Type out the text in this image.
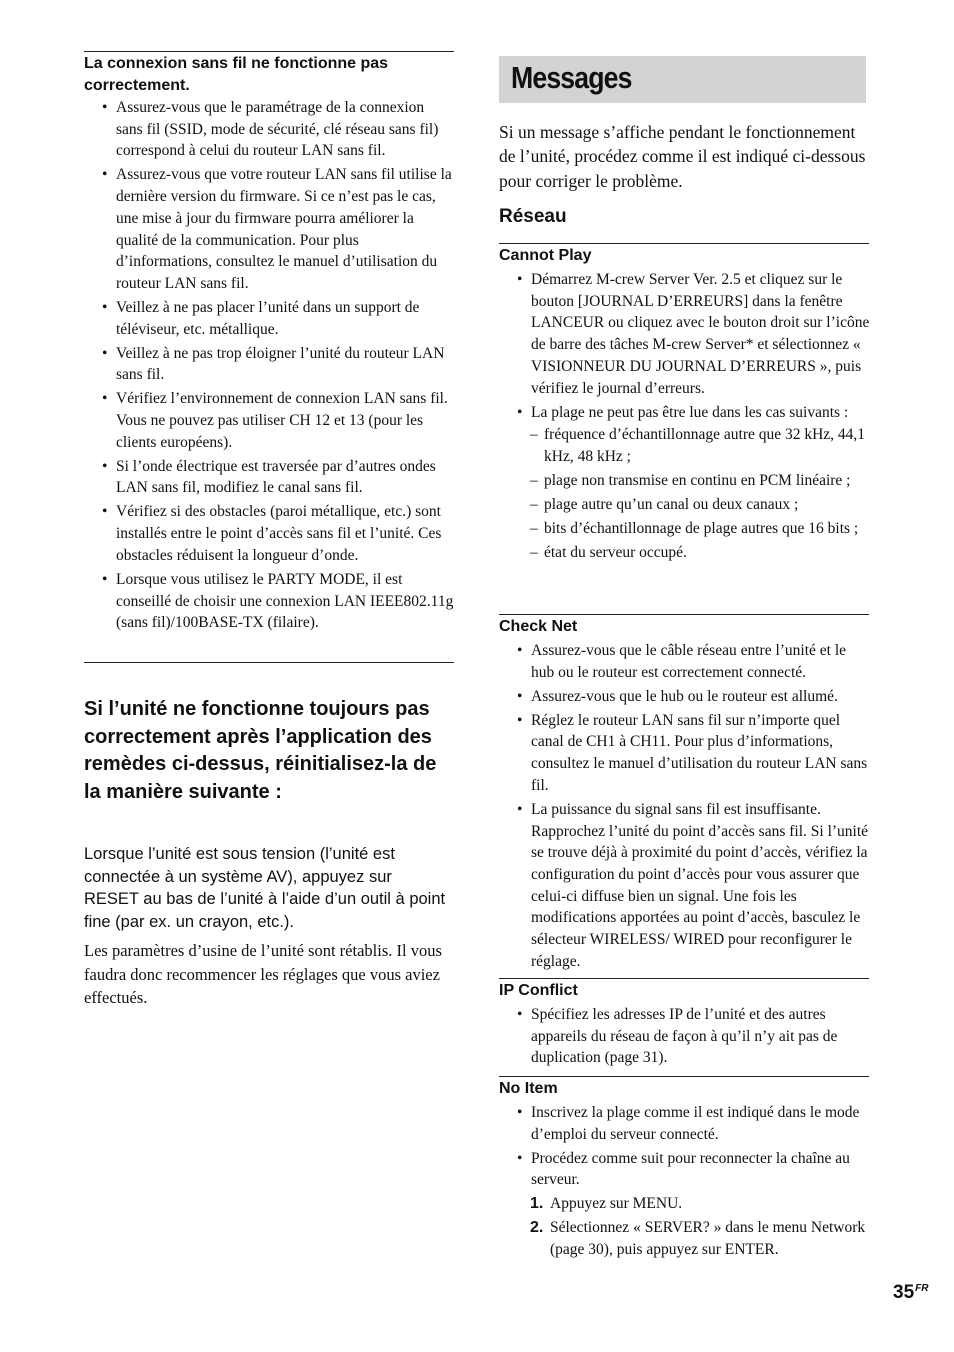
La connexion sans fil ne fonctionne pas correctement.
• Assurez-vous que le paramétrage de la connexion sans fil (SSID, mode de sécurité, clé réseau sans fil) correspond à celui du routeur LAN sans fil.
• Assurez-vous que votre routeur LAN sans fil utilise la dernière version du firmware. Si ce n’est pas le cas, une mise à jour du firmware pourra améliorer la qualité de la communication. Pour plus d’informations, consultez le manuel d’utilisation du routeur LAN sans fil.
• Veillez à ne pas placer l’unité dans un support de téléviseur, etc. métallique.
• Veillez à ne pas trop éloigner l’unité du routeur LAN sans fil.
• Vérifiez l’environnement de connexion LAN sans fil. Vous ne pouvez pas utiliser CH 12 et 13 (pour les clients européens).
• Si l’onde électrique est traversée par d’autres ondes LAN sans fil, modifiez le canal sans fil.
• Vérifiez si des obstacles (paroi métallique, etc.) sont installés entre le point d’accès sans fil et l’unité. Ces obstacles réduisent la longueur d’onde.
• Lorsque vous utilisez le PARTY MODE, il est conseillé de choisir une connexion LAN IEEE802.11g (sans fil)/100BASE-TX (filaire).
Si l’unité ne fonctionne toujours pas correctement après l’application des remèdes ci-dessus, réinitialisez-la de la manière suivante :
Lorsque l’unité est sous tension (l’unité est connectée à un système AV), appuyez sur RESET au bas de l’unité à l’aide d’un outil à point fine (par ex. un crayon, etc.).
Les paramètres d’usine de l’unité sont rétablis. Il vous faudra donc recommencer les réglages que vous aviez effectués.
Messages
Si un message s’affiche pendant le fonctionnement de l’unité, procédez comme il est indiqué ci-dessous pour corriger le problème.
Réseau
Cannot Play
• Démarrez M-crew Server Ver. 2.5 et cliquez sur le bouton [JOURNAL D’ERREURS] dans la fenêtre LANCEUR ou cliquez avec le bouton droit sur l’icône de barre des tâches M-crew Server* et sélectionnez « VISIONNEUR DU JOURNAL D’ERREURS », puis vérifiez le journal d’erreurs.
• La plage ne peut pas être lue dans les cas suivants :
– fréquence d’échantillonnage autre que 32 kHz, 44,1 kHz, 48 kHz ;
– plage non transmise en continu en PCM linéaire ;
– plage autre qu’un canal ou deux canaux ;
– bits d’échantillonnage de plage autres que 16 bits ;
– état du serveur occupé.
Check Net
• Assurez-vous que le câble réseau entre l’unité et le hub ou le routeur est correctement connecté.
• Assurez-vous que le hub ou le routeur est allumé.
• Réglez le routeur LAN sans fil sur n’importe quel canal de CH1 à CH11. Pour plus d’informations, consultez le manuel d’utilisation du routeur LAN sans fil.
• La puissance du signal sans fil est insuffisante. Rapprochez l’unité du point d’accès sans fil. Si l’unité se trouve déjà à proximité du point d’accès, vérifiez la configuration du point d’accès pour vous assurer que celui-ci diffuse bien un signal. Une fois les modifications apportées au point d’accès, basculez le sélecteur WIRELESS/ WIRED pour reconfigurer le réglage.
IP Conflict
• Spécifiez les adresses IP de l’unité et des autres appareils du réseau de façon à qu’il n’y ait pas de duplication (page 31).
No Item
• Inscrivez la plage comme il est indiqué dans le mode d’emploi du serveur connecté.
• Procédez comme suit pour reconnecter la chaîne au serveur.
1. Appuyez sur MENU.
2. Sélectionnez « SERVER? » dans le menu Network (page 30), puis appuyez sur ENTER.
$35^{FR}$
